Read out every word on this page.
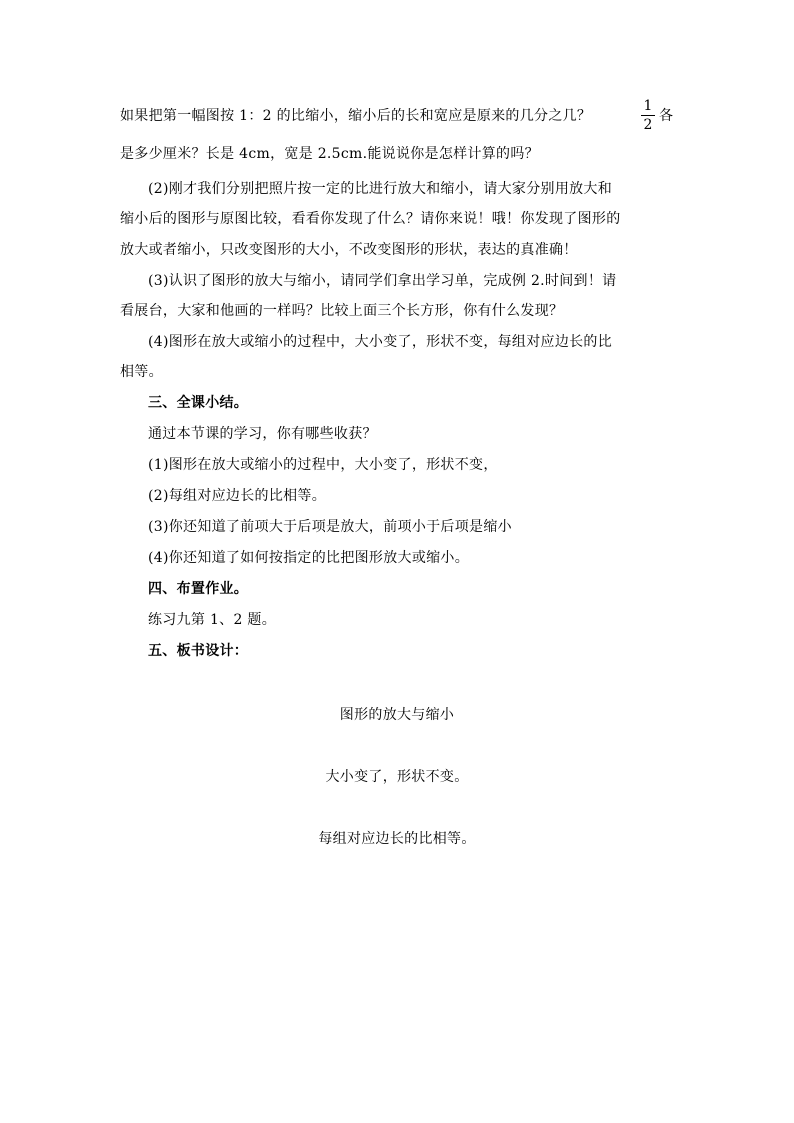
如果把第一幅图按 1：2 的比缩小，缩小后的长和宽应是原来的几分之几？	$\frac{1}{2}$ 各
是多少厘米？长是 4cm，宽是 2.5cm.能说说你是怎样计算的吗？
(2)刚才我们分别把照片按一定的比进行放大和缩小，请大家分别用放大和
缩小后的图形与原图比较，看看你发现了什么？请你来说！哦！你发现了图形的
放大或者缩小，只改变图形的大小，不改变图形的形状，表达的真准确！
(3)认识了图形的放大与缩小，请同学们拿出学习单，完成例 2.时间到！请
看展台，大家和他画的一样吗？比较上面三个长方形，你有什么发现？
(4)图形在放大或缩小的过程中，大小变了，形状不变，每组对应边长的比
相等。
三、全课小结。
通过本节课的学习，你有哪些收获？
(1)图形在放大或缩小的过程中，大小变了，形状不变，
(2)每组对应边长的比相等。
(3)你还知道了前项大于后项是放大，前项小于后项是缩小
(4)你还知道了如何按指定的比把图形放大或缩小。
四、布置作业。
练习九第 1、2 题。
五、板书设计：
图形的放大与缩小
大小变了，形状不变。
每组对应边长的比相等。
